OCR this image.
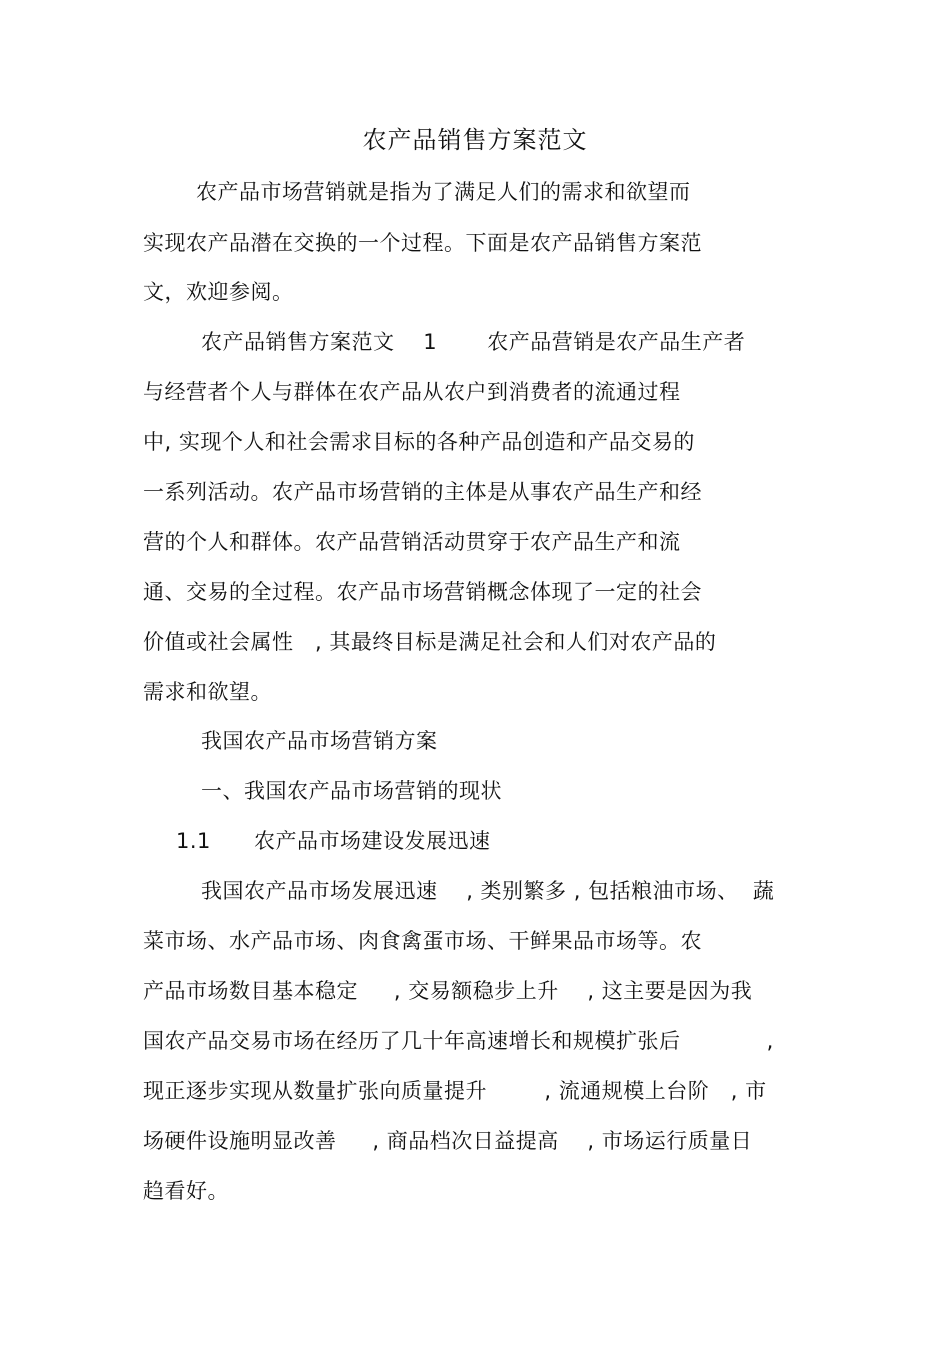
农产品销售方案范文
农产品市场营销就是指为了满足人们的需求和欲望而
实现农产品潜在交换的一个过程。下面是农产品销售方案范
文，欢迎参阅。
农产品销售方案范文    1       农产品营销是农产品生产者
与经营者个人与群体在农产品从农户到消费者的流通过程
中, 实现个人和社会需求目标的各种产品创造和产品交易的
一系列活动。农产品市场营销的主体是从事农产品生产和经
营的个人和群体。农产品营销活动贯穿于农产品生产和流
通、交易的全过程。农产品市场营销概念体现了一定的社会
价值或社会属性   , 其最终目标是满足社会和人们对农产品的
需求和欲望。
我国农产品市场营销方案
一、我国农产品市场营销的现状
1.1      农产品市场建设发展迅速
我国农产品市场发展迅速    , 类别繁多 , 包括粮油市场、  蔬
菜市场、水产品市场、肉食禽蛋市场、干鲜果品市场等。农
产品市场数目基本稳定     , 交易额稳步上升    , 这主要是因为我
国农产品交易市场在经历了几十年高速增长和规模扩张后            ,
现正逐步实现从数量扩张向质量提升        , 流通规模上台阶   , 市
场硬件设施明显改善     , 商品档次日益提高    , 市场运行质量日
趋看好。
